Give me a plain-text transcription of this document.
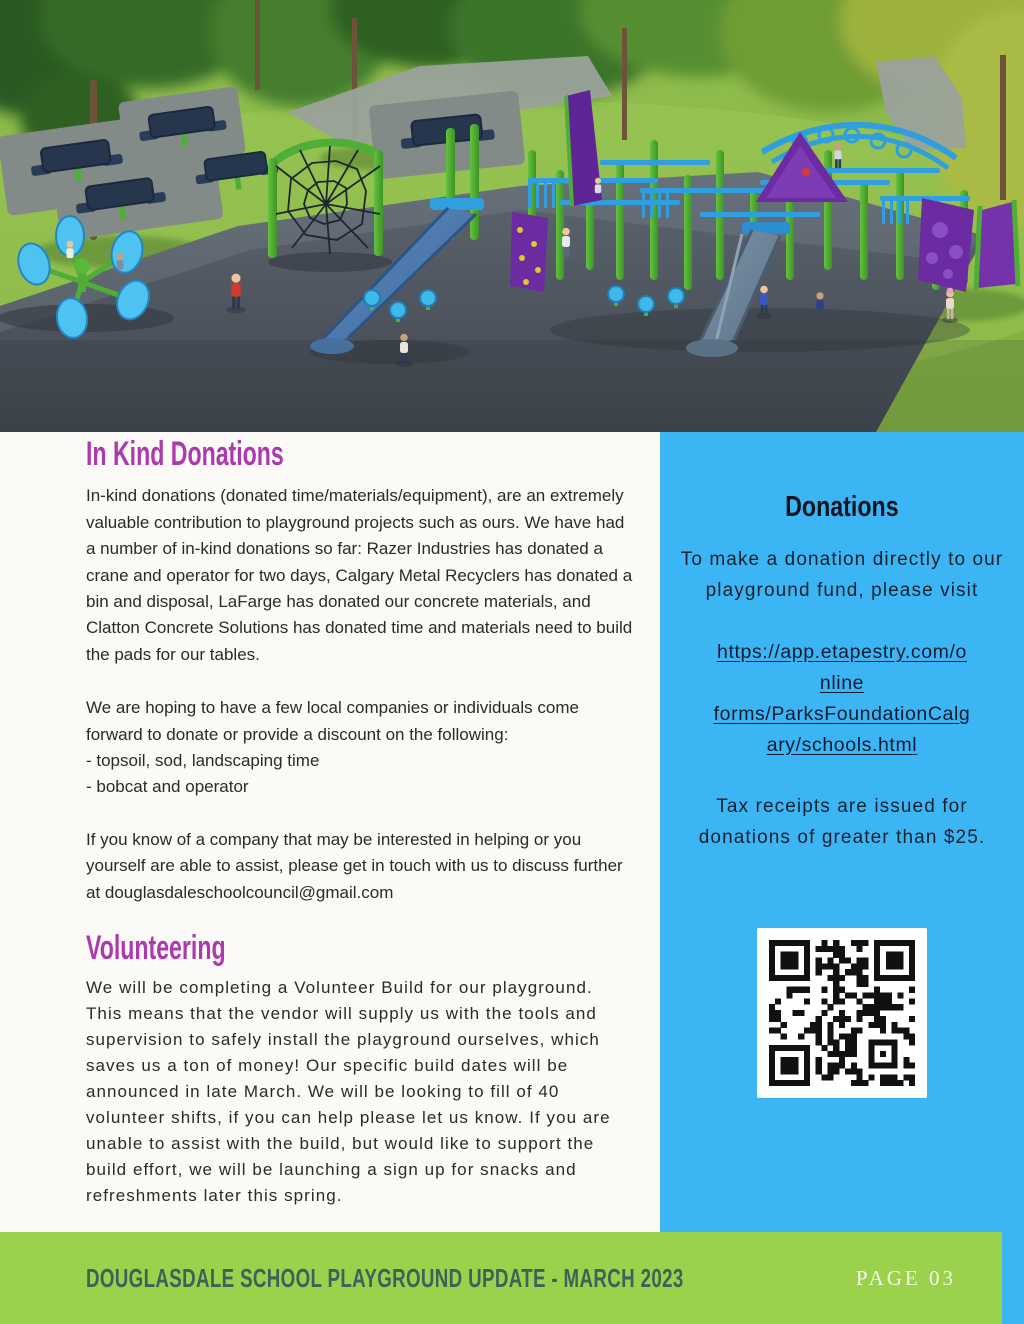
Donations

To make a donation directly to our playground fund, please visit

https://app.etapestry.com/o
nline
forms/ParksFoundationCalg
ary/schools.html

Tax receipts are issued for donations of greater than $25.

In Kind Donations

In-kind donations (donated time/materials/equipment), are an extremely valuable contribution to playground projects such as ours. We have had a number of in-kind donations so far: Razer Industries has donated a crane and operator for two days, Calgary Metal Recyclers has donated a bin and disposal, LaFarge has donated our concrete materials, and Clatton Concrete Solutions has donated time and materials need to build the pads for our tables.

We are hoping to have a few local companies or individuals come forward to donate or provide a discount on the following:

- topsoil, sod, landscaping time

- bobcat and operator

If you know of a company that may be interested in helping or you yourself are able to assist, please get in touch with us to discuss further at douglasdaleschoolcouncil@gmail.com

Volunteering

We will be completing a Volunteer Build for our playground. This means that the vendor will supply us with the tools and supervision to safely install the playground ourselves, which saves us a ton of money! Our specific build dates will be announced in late March. We will be looking to fill of 40 volunteer shifts, if you can help please let us know. If you are unable to assist with the build, but would like to support the build effort, we will be launching a sign up for snacks and refreshments later this spring.

DOUGLASDALE SCHOOL PLAYGROUND UPDATE - MARCH 2023	PAGE 03
